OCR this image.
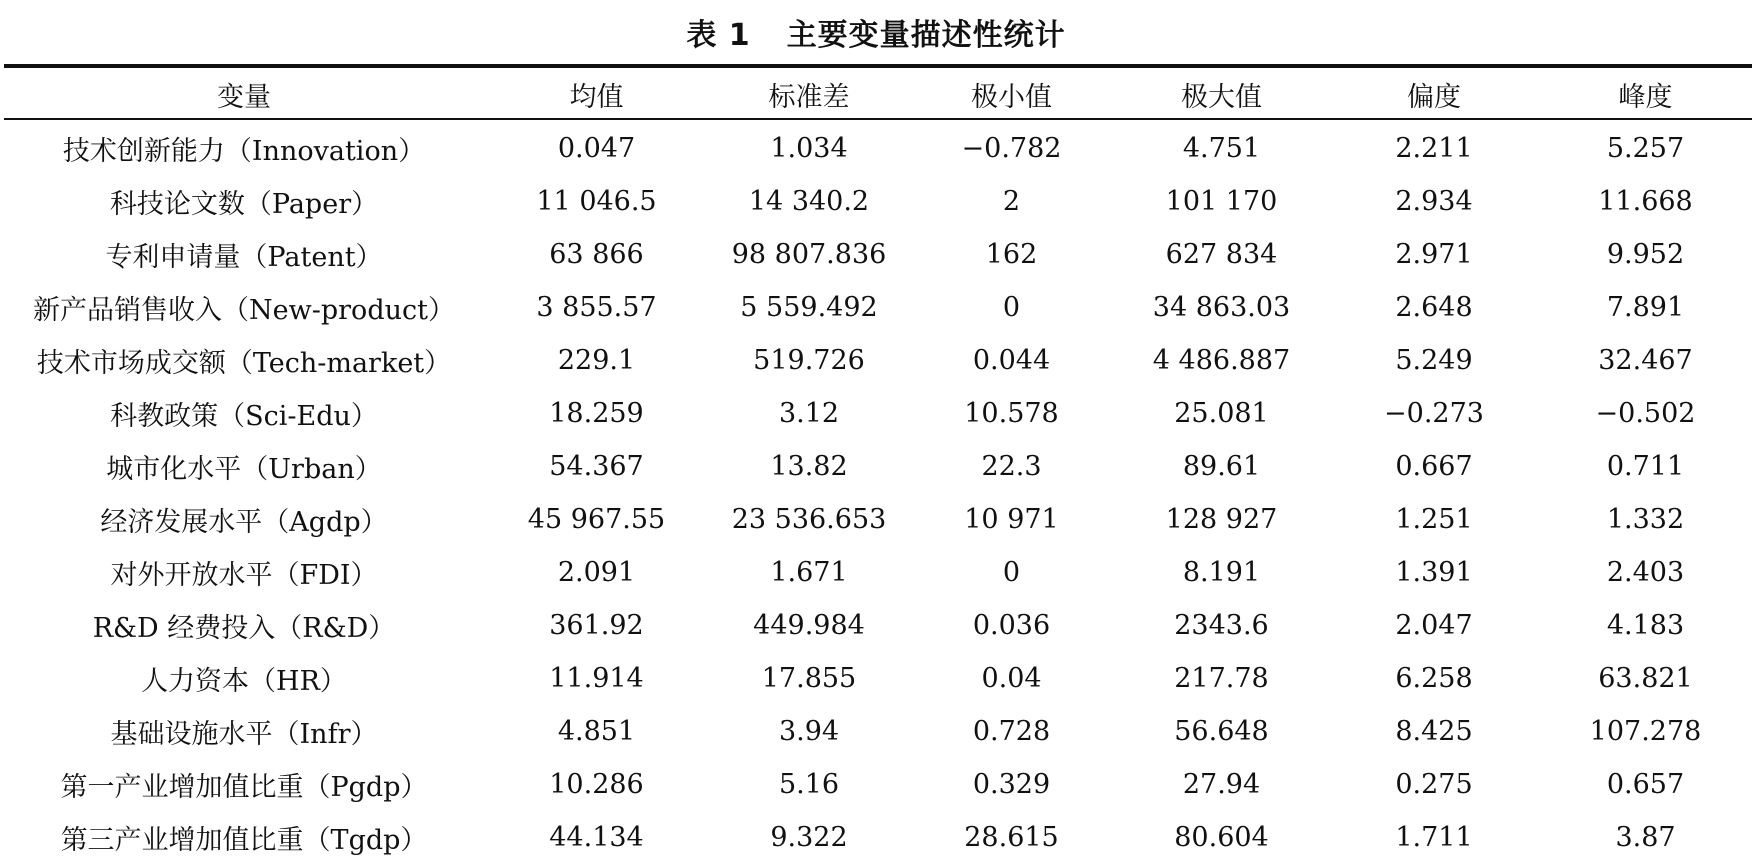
表 1 主要变量描述性统计
变量	均值	标准差	极小值	极大值	偏度	峰度
技术创新能力（Innovation）	0.047	1.034	−0.782	4.751	2.211	5.257
科技论文数（Paper）	11 046.5	14 340.2	2	101 170	2.934	11.668
专利申请量（Patent）	63 866	98 807.836	162	627 834	2.971	9.952
新产品销售收入（New-product）	3 855.57	5 559.492	0	34 863.03	2.648	7.891
技术市场成交额（Tech-market）	229.1	519.726	0.044	4 486.887	5.249	32.467
科教政策（Sci-Edu）	18.259	3.12	10.578	25.081	−0.273	−0.502
城市化水平（Urban）	54.367	13.82	22.3	89.61	0.667	0.711
经济发展水平（Agdp）	45 967.55	23 536.653	10 971	128 927	1.251	1.332
对外开放水平（FDI）	2.091	1.671	0	8.191	1.391	2.403
R&D 经费投入（R&D）	361.92	449.984	0.036	2343.6	2.047	4.183
人力资本（HR）	11.914	17.855	0.04	217.78	6.258	63.821
基础设施水平（Infr）	4.851	3.94	0.728	56.648	8.425	107.278
第一产业增加值比重（Pgdp）	10.286	5.16	0.329	27.94	0.275	0.657
第三产业增加值比重（Tgdp）	44.134	9.322	28.615	80.604	1.711	3.87
